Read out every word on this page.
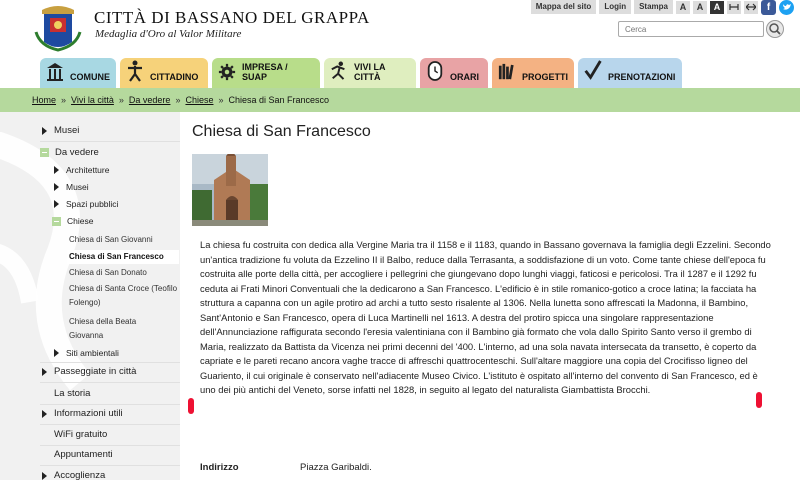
CITTÀ DI BASSANO DEL GRAPPA
Medaglia d'Oro al Valor Militare
Mappa del sito	Login	Stampa	A	A	A	f
Cerca
COMUNE	CITTADINO
IMPRESA / SUAP
VIVI LA CITTÀ	ORARI	PROGETTI	PRENOTAZIONI
Home » Vivi la città » Da vedere » Chiese » Chiesa di San Francesco
Musei
Da vedere
Architetture
Musei
Spazi pubblici
Chiese
Chiesa di San Giovanni
Chiesa di San Francesco
Chiesa di San Donato
Chiesa di Santa Croce (Teofilo Folengo)
Chiesa della Beata Giovanna
Siti ambientali
Passeggiate in città
La storia
Informazioni utili
WiFi gratuito
Appuntamenti
Accoglienza
Chiesa di San Francesco

La chiesa fu costruita con dedica alla Vergine Maria tra il 1158 e il 1183, quando in Bassano governava la famiglia degli Ezzelini. Secondo un'antica tradizione fu voluta da Ezzelino II il Balbo, reduce dalla Terrasanta, a soddisfazione di un voto. Come tante chiese dell'epoca fu costruita alle porte della città, per accogliere i pellegrini che giungevano dopo lunghi viaggi, faticosi e pericolosi. Tra il 1287 e il 1292 fu ceduta ai Frati Minori Conventuali che la dedicarono a San Francesco. L'edificio è in stile romanico-gotico a croce latina; la facciata ha struttura a capanna con un agile protiro ad archi a tutto sesto risalente al 1306. Nella lunetta sono affrescati la Madonna, il Bambino, Sant'Antonio e San Francesco, opera di Luca Martinelli nel 1613. A destra del protiro spicca una singolare rappresentazione dell'Annunciazione raffigurata secondo l'eresia valentiniana con il Bambino già formato che vola dallo Spirito Santo verso il grembo di Maria, realizzato da Battista da Vicenza nei primi decenni del '400. L'interno, ad una sola navata intersecata da transetto, è coperto da capriate e le pareti recano ancora vaghe tracce di affreschi quattrocenteschi. Sull'altare maggiore una copia del Crocifisso ligneo del Guariento, il cui originale è conservato nell'adiacente Museo Civico. L'istituto è ospitato all'interno del convento di San Francesco, ed è uno dei più antichi del Veneto, sorse infatti nel 1828, in seguito al legato del naturalista Giambattista Brocchi.

Indirizzo	Piazza Garibaldi.
